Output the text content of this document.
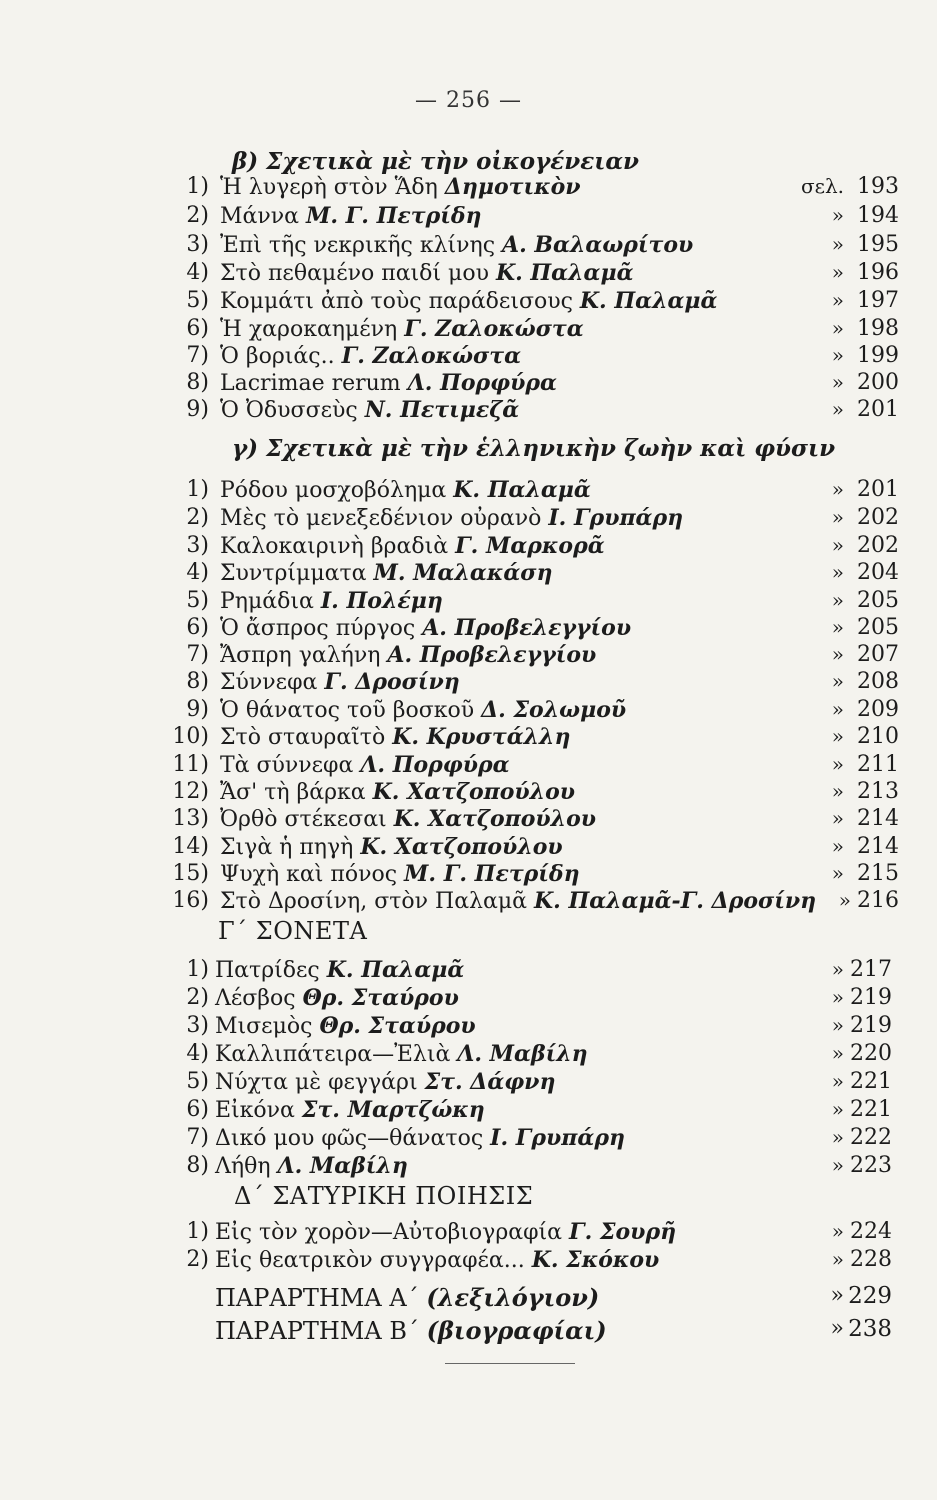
— 256 —
β) Σχετικὰ μὲ τὴν οἰκογένειαν
1) Ἡ λυγερὴ στὸν Ἅδη Δημοτικὸν	σελ. 193
2) Μάννα Μ. Γ. Πετρίδη	» 194
3) Ἐπὶ τῆς νεκρικῆς κλίνης Α. Βαλαωρίτου	» 195
4) Στὸ πεθαμένο παιδί μου Κ. Παλαμᾶ	» 196
5) Κομμάτι ἀπὸ τοὺς παράδεισους Κ. Παλαμᾶ	» 197
6) Ἡ χαροκαημένη Γ. Ζαλοκώστα	» 198
7) Ὁ βοριάς.. Γ. Ζαλοκώστα	» 199
8) Lacrimae rerum Λ. Πορφύρα	» 200
9) Ὁ Ὀδυσσεὺς Ν. Πετιμεζᾶ	» 201
γ) Σχετικὰ μὲ τὴν ἑλληνικὴν ζωὴν καὶ φύσιν
1) Ρόδου μοσχοβόλημα Κ. Παλαμᾶ	» 201
2) Μὲς τὸ μενεξεδένιον οὐρανὸ Ι. Γρυπάρη	» 202
3) Καλοκαιρινὴ βραδιὰ Γ. Μαρκορᾶ	» 202
4) Συντρίμματα Μ. Μαλακάση	» 204
5) Ρημάδια Ι. Πολέμη	» 205
6) Ὁ ἄσπρος πύργος Α. Προβελεγγίου	» 205
7) Ἄσπρη γαλήνη Α. Προβελεγγίου	» 207
8) Σύννεφα Γ. Δροσίνη	» 208
9) Ὁ θάνατος τοῦ βοσκοῦ Δ. Σολωμοῦ	» 209
10) Στὸ σταυραῖτὸ Κ. Κρυστάλλη	» 210
11) Τὰ σύννεφα Λ. Πορφύρα	» 211
12) Ἄσ' τὴ βάρκα Κ. Χατζοπούλου	» 213
13) Ὀρθὸ στέκεσαι Κ. Χατζοπούλου	» 214
14) Σιγὰ ἡ πηγὴ Κ. Χατζοπούλου	» 214
15) Ψυχὴ καὶ πόνος Μ. Γ. Πετρίδη	» 215
16) Στὸ Δροσίνη, στὸν Παλαμᾶ Κ. Παλαμᾶ-Γ. Δροσίνη » 216
Γ΄ ΣΟΝΕΤΑ
1) Πατρίδες Κ. Παλαμᾶ	» 217
2) Λέσβος Θρ. Σταύρου	» 219
3) Μισεμὸς Θρ. Σταύρου	» 219
4) Καλλιπάτειρα—Ἐλιὰ Λ. Μαβίλη	» 220
5) Νύχτα μὲ φεγγάρι Στ. Δάφνη	» 221
6) Εἰκόνα Στ. Μαρτζώκη	» 221
7) Δικό μου φῶς—θάνατος Ι. Γρυπάρη	» 222
8) Λήθη Λ. Μαβίλη	» 223
Δ΄ ΣΑΤΥΡΙΚΗ ΠΟΙΗΣΙΣ
1) Εἰς τὸν χορὸν—Αὐτοβιογραφία Γ. Σουρῆ	» 224
2) Εἰς θεατρικὸν συγγραφέα... Κ. Σκόκου	» 228
ΠΑΡΑΡΤΗΜΑ Α΄ (λεξιλόγιον)	» 229
ΠΑΡΑΡΤΗΜΑ Β΄ (βιογραφίαι)	» 238
